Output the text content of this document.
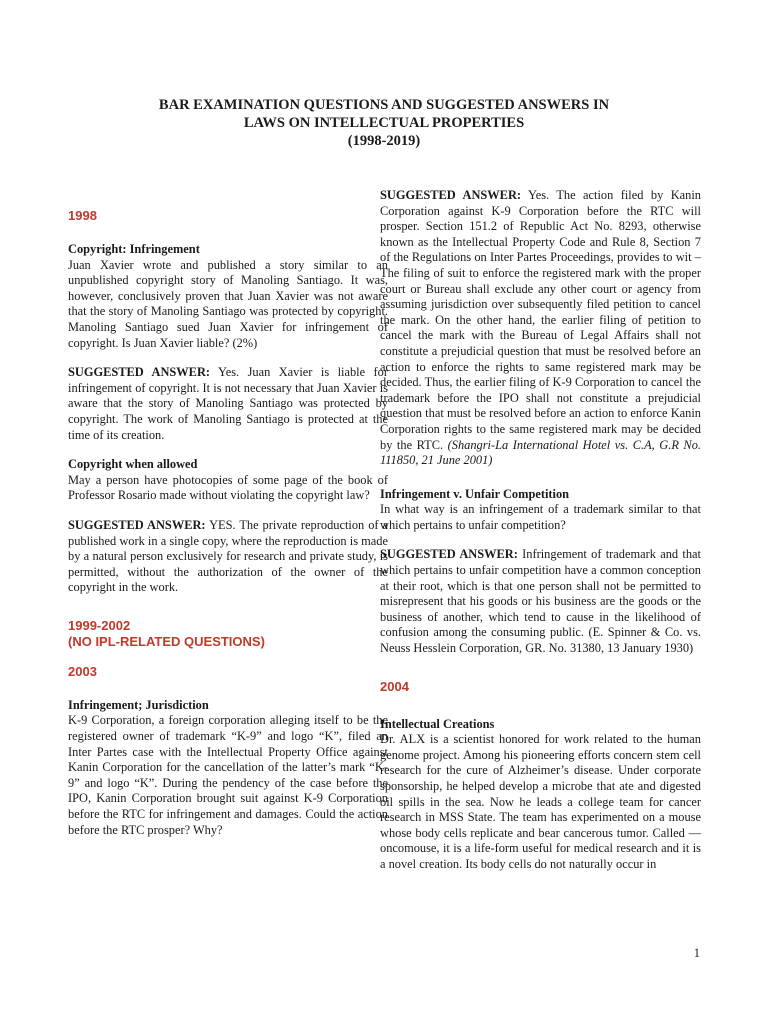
BAR EXAMINATION QUESTIONS AND SUGGESTED ANSWERS IN
LAWS ON INTELLECTUAL PROPERTIES
(1998-2019)
1998
Copyright: Infringement

Juan Xavier wrote and published a story similar to an unpublished copyright story of Manoling Santiago. It was, however, conclusively proven that Juan Xavier was not aware that the story of Manoling Santiago was protected by copyright. Manoling Santiago sued Juan Xavier for infringement of copyright. Is Juan Xavier liable? (2%)

SUGGESTED ANSWER: Yes. Juan Xavier is liable for infringement of copyright. It is not necessary that Juan Xavier is aware that the story of Manoling Santiago was protected by copyright. The work of Manoling Santiago is protected at the time of its creation.

Copyright when allowed

May a person have photocopies of some page of the book of Professor Rosario made without violating the copyright law?

SUGGESTED ANSWER: YES. The private reproduction of a published work in a single copy, where the reproduction is made by a natural person exclusively for research and private study, is permitted, without the authorization of the owner of the copyright in the work.

1999-2002
(NO IPL-RELATED QUESTIONS)
2003
Infringement; Jurisdiction

K-9 Corporation, a foreign corporation alleging itself to be the registered owner of trademark “K-9” and logo “K”, filed an Inter Partes case with the Intellectual Property Office against Kanin Corporation for the cancellation of the latter’s mark “K-9” and logo “K”. During the pendency of the case before the IPO, Kanin Corporation brought suit against K-9 Corporation before the RTC for infringement and damages. Could the action before the RTC prosper? Why?

SUGGESTED ANSWER: Yes. The action filed by Kanin Corporation against K-9 Corporation before the RTC will prosper. Section 151.2 of Republic Act No. 8293, otherwise known as the Intellectual Property Code and Rule 8, Section 7 of the Regulations on Inter Partes Proceedings, provides to wit –The filing of suit to enforce the registered mark with the proper court or Bureau shall exclude any other court or agency from assuming jurisdiction over subsequently filed petition to cancel the mark. On the other hand, the earlier filing of petition to cancel the mark with the Bureau of Legal Affairs shall not constitute a prejudicial question that must be resolved before an action to enforce the rights to same registered mark may be decided. Thus, the earlier filing of K-9 Corporation to cancel the trademark before the IPO shall not constitute a prejudicial question that must be resolved before an action to enforce Kanin Corporation rights to the same registered mark may be decided by the RTC. (Shangri-La International Hotel vs. C.A, G.R No. 111850, 21 June 2001)

Infringement v. Unfair Competition

In what way is an infringement of a trademark similar to that which pertains to unfair competition?

SUGGESTED ANSWER: Infringement of trademark and that which pertains to unfair competition have a common conception at their root, which is that one person shall not be permitted to misrepresent that his goods or his business are the goods or the business of another, which tend to cause in the likelihood of confusion among the consuming public. (E. Spinner & Co. vs. Neuss Hesslein Corporation, GR. No. 31380, 13 January 1930)

2004
Intellectual Creations

Dr. ALX is a scientist honored for work related to the human genome project. Among his pioneering efforts concern stem cell research for the cure of Alzheimer’s disease. Under corporate sponsorship, he helped develop a microbe that ate and digested oil spills in the sea. Now he leads a college team for cancer research in MSS State. The team has experimented on a mouse whose body cells replicate and bear cancerous tumor. Called —oncomouse, it is a life-form useful for medical research and it is a novel creation. Its body cells do not naturally occur in

1
